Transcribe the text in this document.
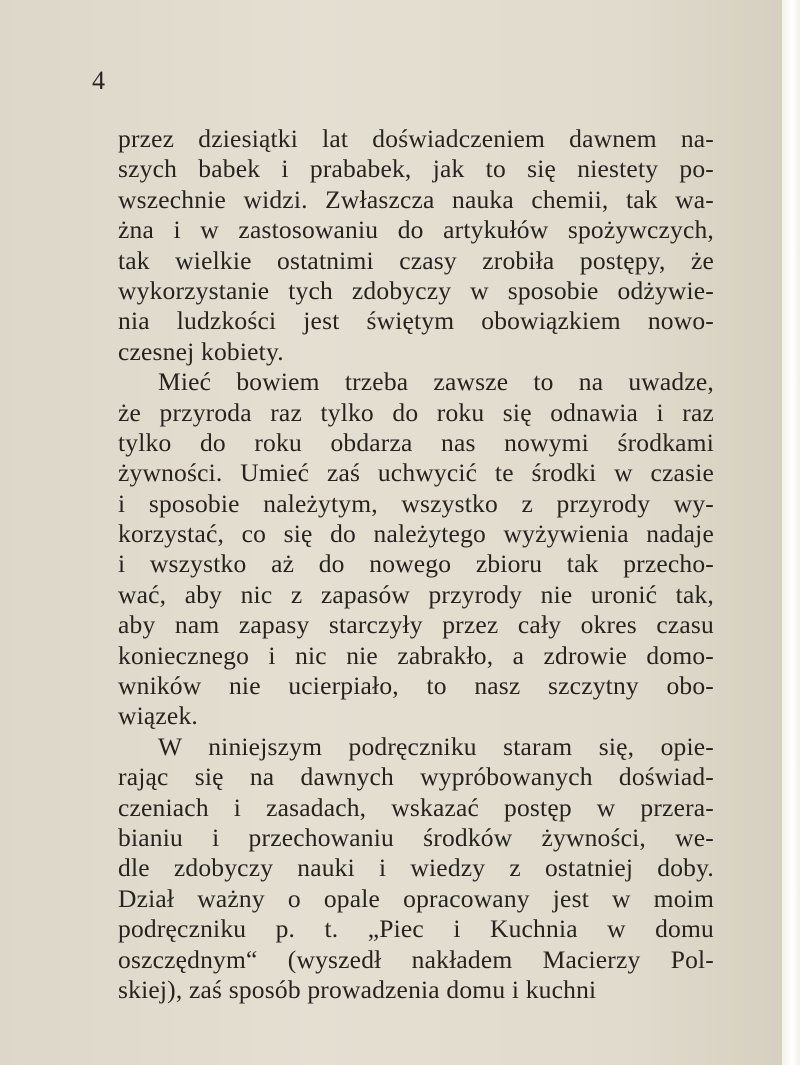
4

przez dziesiątki lat doświadczeniem dawnem na-
szych babek i prababek, jak to się niestety po-
wszechnie widzi. Zwłaszcza nauka chemii, tak wa-
żna i w zastosowaniu do artykułów spożywczych,
tak wielkie ostatnimi czasy zrobiła postępy, że
wykorzystanie tych zdobyczy w sposobie odżywie-
nia ludzkości jest świętym obowiązkiem nowo-
czesnej kobiety.
Mieć bowiem trzeba zawsze to na uwadze,
że przyroda raz tylko do roku się odnawia i raz
tylko do roku obdarza nas nowymi środkami
żywności. Umieć zaś uchwycić te środki w czasie
i sposobie należytym, wszystko z przyrody wy-
korzystać, co się do należytego wyżywienia nadaje
i wszystko aż do nowego zbioru tak przecho-
wać, aby nic z zapasów przyrody nie uronić tak,
aby nam zapasy starczyły przez cały okres czasu
koniecznego i nic nie zabrakło, a zdrowie domo-
wników nie ucierpiało, to nasz szczytny obo-
wiązek.
W niniejszym podręczniku staram się, opie-
rając się na dawnych wypróbowanych doświad-
czeniach i zasadach, wskazać postęp w przera-
bianiu i przechowaniu środków żywności, we-
dle zdobyczy nauki i wiedzy z ostatniej doby.
Dział ważny o opale opracowany jest w moim
podręczniku p. t. „Piec i Kuchnia w domu
oszczędnym“ (wyszedł nakładem Macierzy Pol-
skiej), zaś sposób prowadzenia domu i kuchni
